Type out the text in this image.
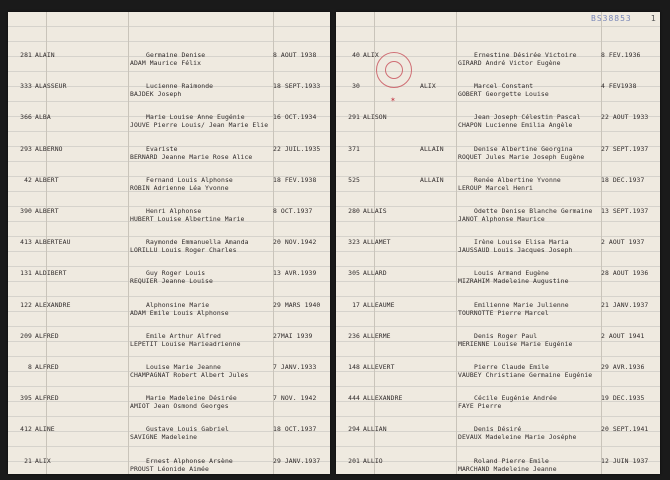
281 ALAIN	Germaine Denise
ADAM Maurice Félix
8 AOUT 1938
333 ALASSEUR	Lucienne Raimonde
BAJDEK Joseph
18 SEPT.1933
366 ALBA	Marie Louise Anne Eugénie
JOUVE Pierre Louis/ Jean Marie Elie
16 OCT.1934
293 ALBERNO	Evariste
BERNARD Jeanne Marie Rose Alice
22 JUIL.1935
42 ALBERT	Fernand Louis Alphonse
ROBIN Adrienne Léa Yvonne
18 FEV.1938
390 ALBERT	Henri Alphonse
HUBERT Louise Albertine Marie
8 OCT.1937
413 ALBERTEAU	Raymonde Emmanuella Amanda
LORILLU Louis Roger Charles
20 NOV.1942
131 ALDIBERT	Guy Roger Louis
REQUIER Jeanne Louise
13 AVR.1939
122 ALEXANDRE	Alphonsine Marie
ADAM Emile Louis Alphonse
29 MARS 1940
209 ALFRED	Emile Arthur Alfred
LEPETIT Louise Marieadrienne
27MAI 1939
8 ALFRED	Louise Marie Jeanne
CHAMPAGNAT Robert Albert Jules
7 JANV.1933
395 ALFRED	Marie Madeleine Désirée
AMIOT Jean Osmond Georges
7 NOV. 1942
412 ALINE	Gustave Louis Gabriel
SAVIGNE Madeleine
18 OCT.1937
21 ALIX	Ernest Alphonse Arsène
PROUST Léonide Aimée
29 JANV.1937
✶
BS38853 1
40 ALIX	Ernestine Désirée Victoire
GIRARD André Victor Eugène
8 FEV.1936
30	ALIX	Marcel Constant
GOBERT Georgette Louise
4 FEV1938
291 ALISON	Jean Joseph Célestin Pascal
CHAPON Lucienne Emilia Angèle
22 AOUT 1933
371	ALLAIN	Denise Albertine Georgina
ROQUET Jules Marie Joseph Eugène
27 SEPT.1937
525	ALLAIN	Renée Albertine Yvonne
LEROUP Marcel Henri
18 DEC.1937
280 ALLAIS	Odette Denise Blanche Germaine
JANOT Alphonse Maurice
13 SEPT.1937
323 ALLAMET	Irène Louise Elisa Maria
JAUSSAUD Louis Jacques Joseph
2 AOUT 1937
305 ALLARD	Louis Armand Eugène
MIZRAHIM Madeleine Augustine
28 AOUT 1936
17 ALLEAUME	Emilienne Marie Julienne
TOURNOTTE Pierre Marcel
21 JANV.1937
236 ALLERME	Denis Roger Paul
MERIENNE Louise Marie Eugénie
2 AOUT 1941
148 ALLEVERT	Pierre Claude Emile
VAUBEY Christiane Germaine Eugénie
29 AVR.1936
444 ALLEXANDRE	Cécile Eugénie Andrée
FAYE Pierre
19 DEC.1935
294 ALLIAN	Denis Désiré
DEVAUX Madeleine Marie Joséphe
20 SEPT.1941
201 ALLIO	Roland Pierre Emile
MARCHAND Madeleine Jeanne
12 JUIN 1937
